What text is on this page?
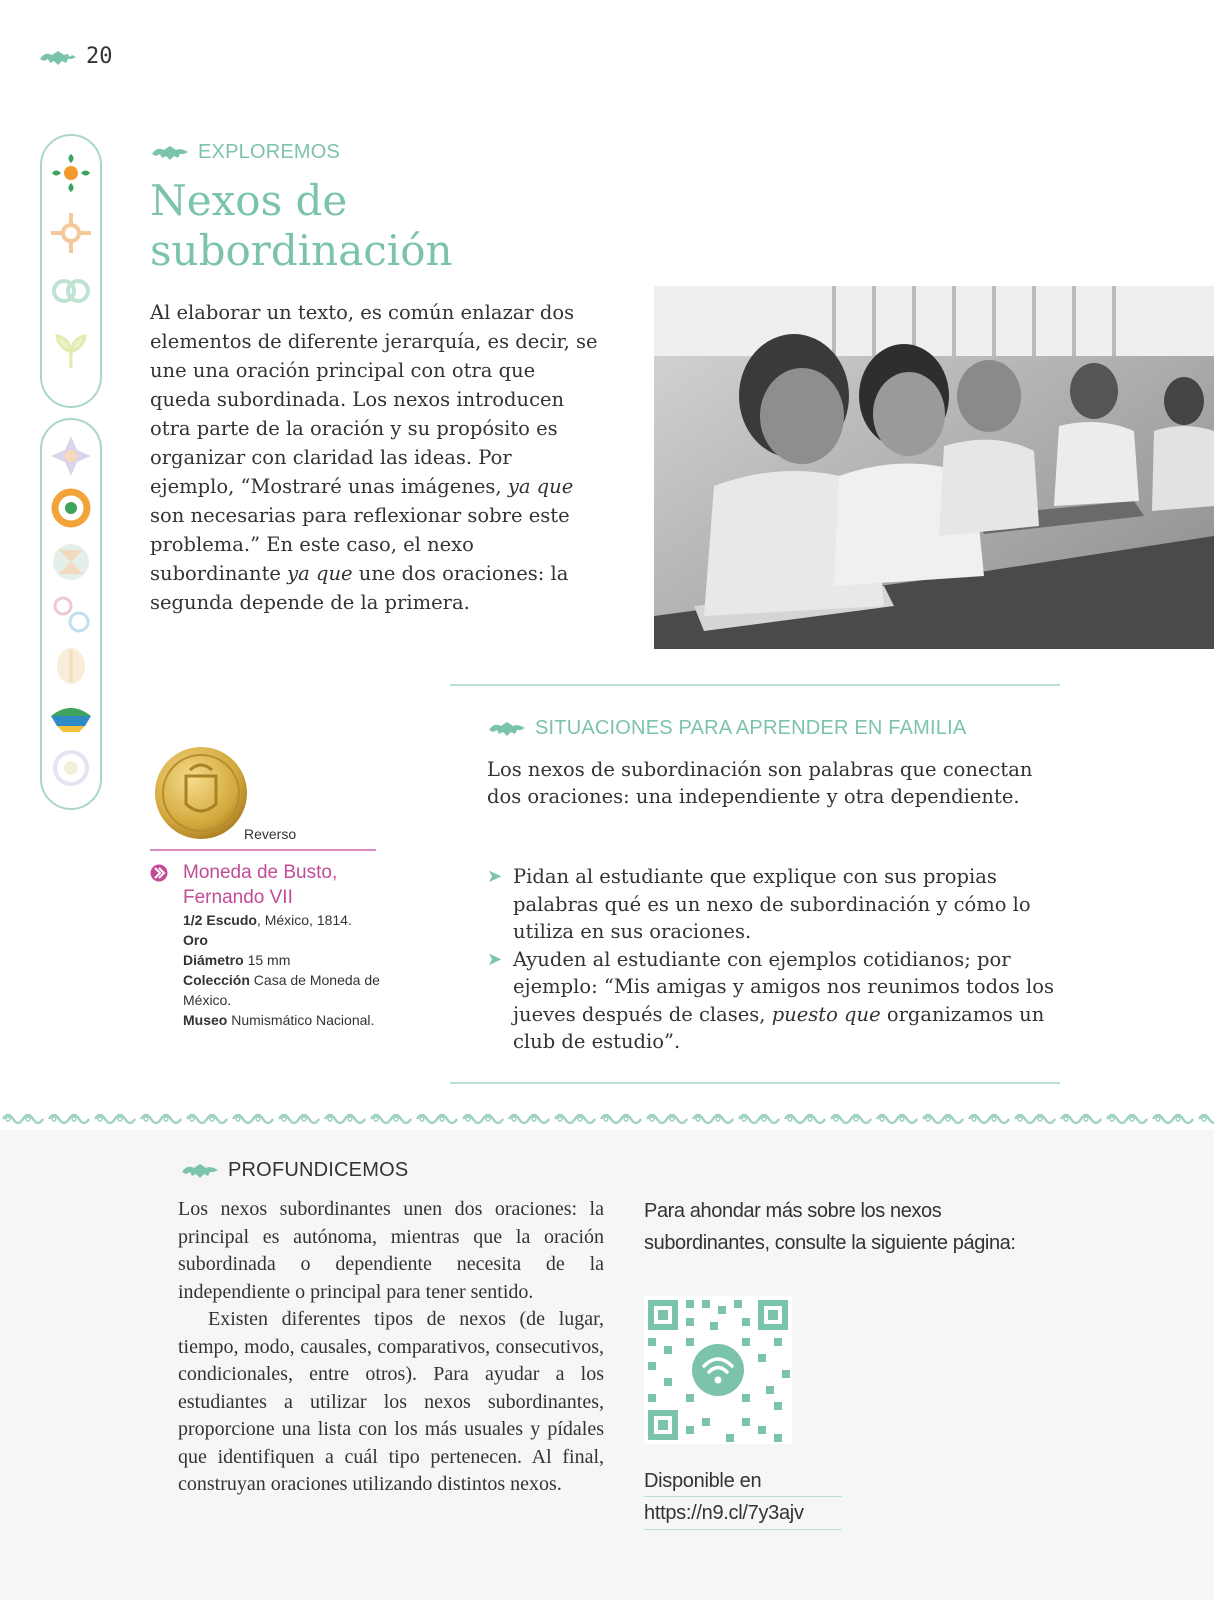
20
EXPLOREMOS
Nexos de
subordinación
Al elaborar un texto, es común enlazar dos elementos de diferente jerarquía, es decir, se une una oración principal con otra que queda subordinada. Los nexos introducen otra parte de la oración y su propósito es organizar con claridad las ideas. Por ejemplo, “Mostraré unas imágenes, ya que son necesarias para reflexionar sobre este problema.” En este caso, el nexo subordinante ya que une dos oraciones: la segunda depende de la primera.
Reverso
Moneda de Busto, Fernando VII
1/2 Escudo, México, 1814.
Oro
Diámetro 15 mm
Colección Casa de Moneda de México.
Museo Numismático Nacional.
SITUACIONES PARA APRENDER EN FAMILIA
Los nexos de subordinación son palabras que conectan dos oraciones: una independiente y otra dependiente.
➤ Pidan al estudiante que explique con sus propias palabras qué es un nexo de subordinación y cómo lo utiliza en sus oraciones.
➤ Ayuden al estudiante con ejemplos cotidianos; por ejemplo: “Mis amigas y amigos nos reunimos todos los jueves después de clases, puesto que organizamos un club de estudio”.
PROFUNDICEMOS

Los nexos subordinantes unen dos oraciones: la principal es autónoma, mientras que la oración subordinada o dependiente necesita de la independiente o principal para tener sentido.

Existen diferentes tipos de nexos (de lugar, tiempo, modo, causales, comparativos, consecutivos, condicionales, entre otros). Para ayudar a los estudiantes a utilizar los nexos subordinantes, proporcione una lista con los más usuales y pídales que identifiquen a cuál tipo pertenecen. Al final, construyan oraciones utilizando distintos nexos.

Para ahondar más sobre los nexos subordinantes, consulte la siguiente página:
Disponible en
https://n9.cl/7y3ajv
